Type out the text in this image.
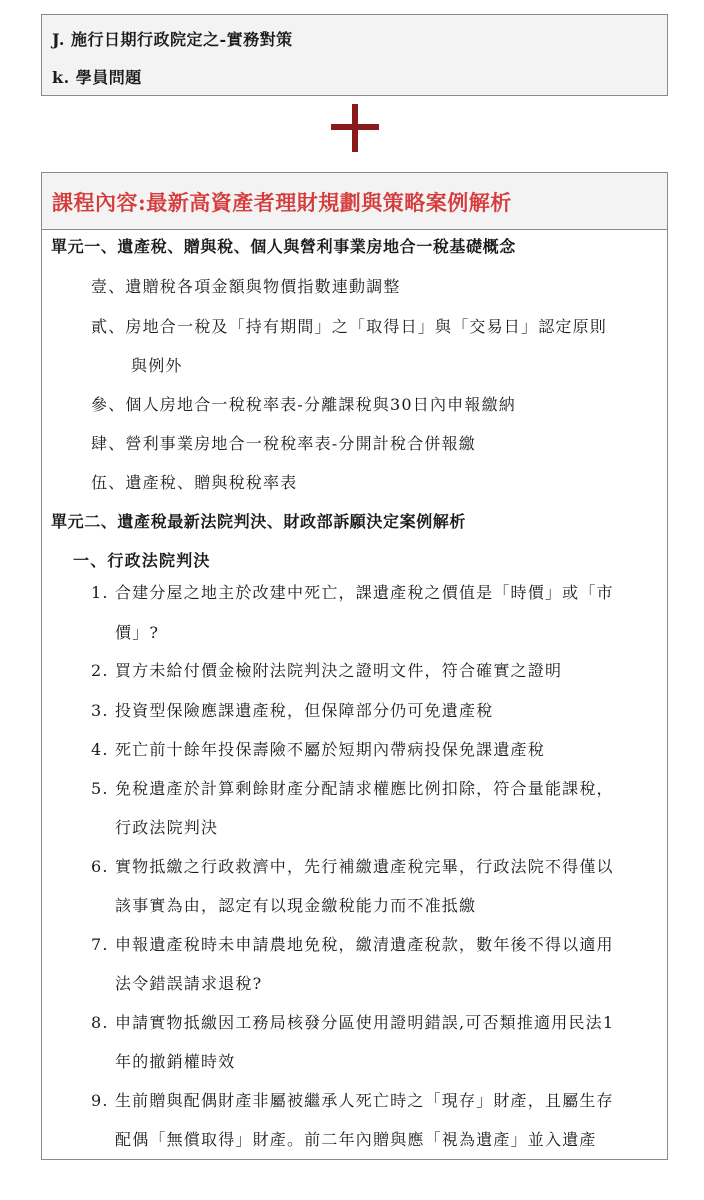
J. 施行日期行政院定之-實務對策
k. 學員問題
課程內容:最新高資產者理財規劃與策略案例解析
單元一、遺產稅、贈與稅、個人與營利事業房地合一稅基礎概念
壹、遺贈稅各項金額與物價指數連動調整
貳、房地合一稅及「持有期間」之「取得日」與「交易日」認定原則
與例外
參、個人房地合一稅稅率表-分離課稅與30日內申報繳納
肆、營利事業房地合一稅稅率表-分開計稅合併報繳
伍、遺產稅、贈與稅稅率表
單元二、遺產稅最新法院判決、財政部訴願決定案例解析
一、行政法院判決
1. 合建分屋之地主於改建中死亡，課遺產稅之價值是「時價」或「市
價」?
2. 買方未給付價金檢附法院判決之證明文件，符合確實之證明
3. 投資型保險應課遺產稅，但保障部分仍可免遺產稅
4. 死亡前十餘年投保壽險不屬於短期內帶病投保免課遺產稅
5. 免稅遺產於計算剩餘財產分配請求權應比例扣除，符合量能課稅，
行政法院判決
6. 實物抵繳之行政救濟中，先行補繳遺產稅完畢，行政法院不得僅以
該事實為由，認定有以現金繳稅能力而不准抵繳
7. 申報遺產稅時未申請農地免稅，繳清遺產稅款，數年後不得以適用
法令錯誤請求退稅?
8. 申請實物抵繳因工務局核發分區使用證明錯誤,可否類推適用民法1
年的撤銷權時效
9. 生前贈與配偶財產非屬被繼承人死亡時之「現存」財產，且屬生存
配偶「無償取得」財產。前二年內贈與應「視為遺產」並入遺產
